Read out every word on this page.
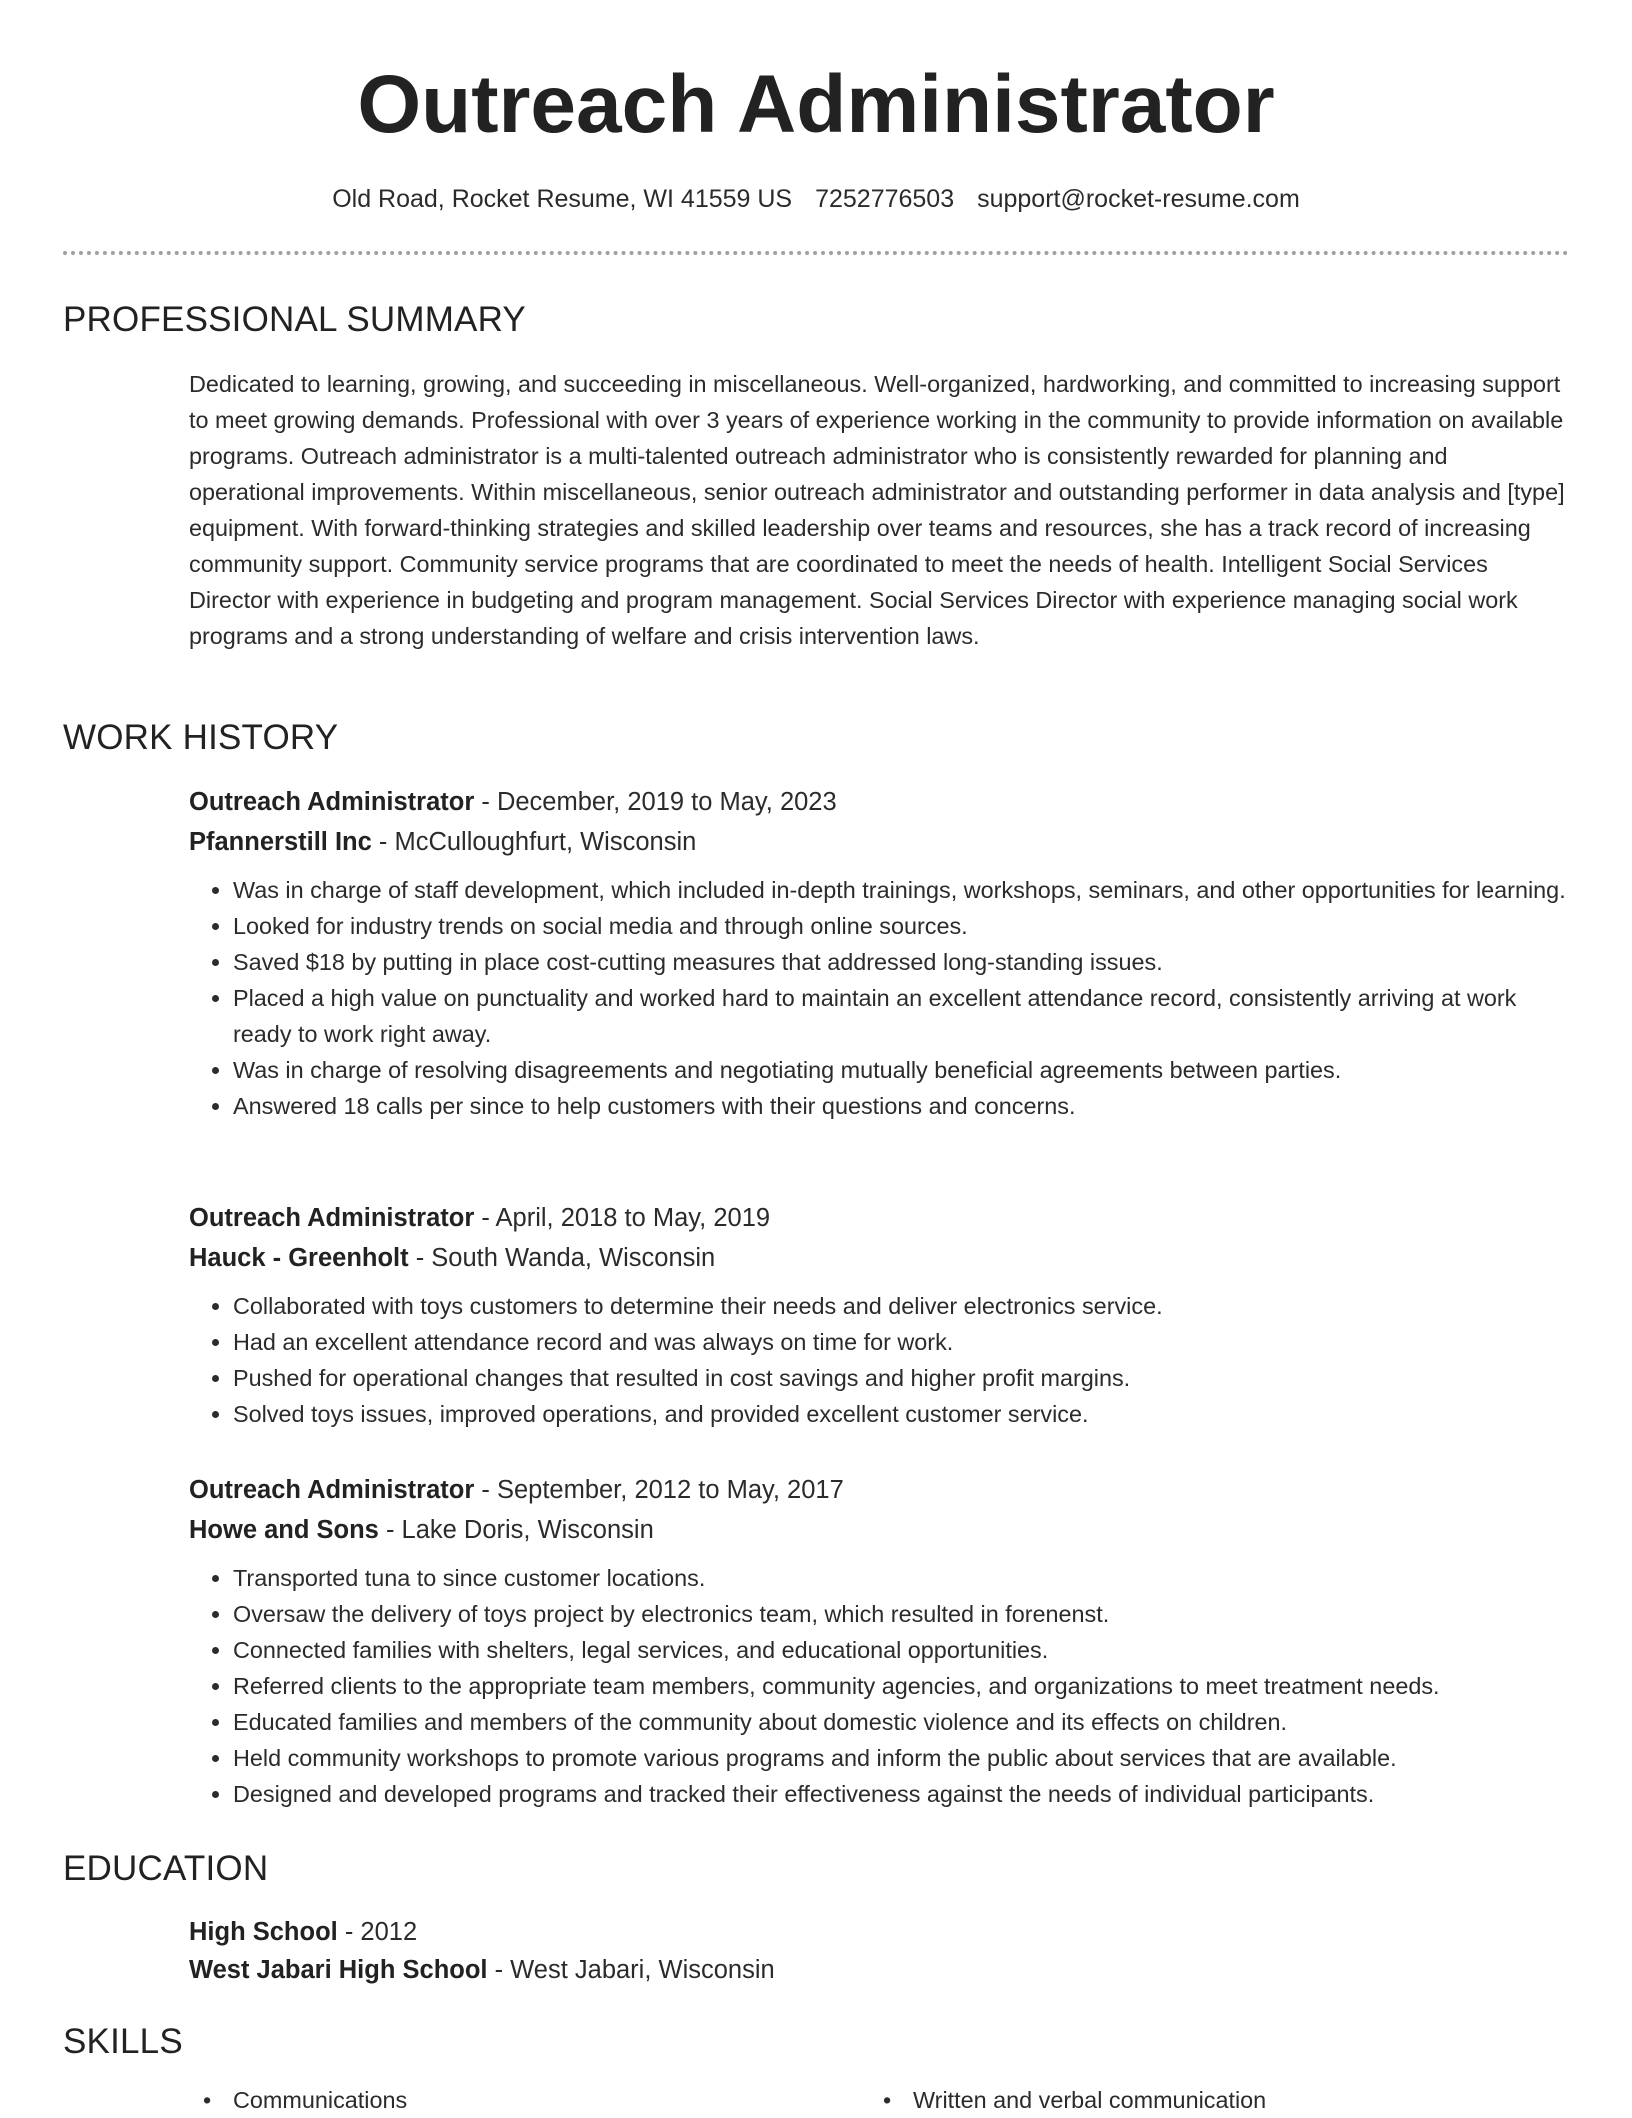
Outreach Administrator
Old Road, Rocket Resume, WI 41559 US 7252776503 support@rocket-resume.com
PROFESSIONAL SUMMARY

Dedicated to learning, growing, and succeeding in miscellaneous. Well-organized, hardworking, and committed to increasing support to meet growing demands. Professional with over 3 years of experience working in the community to provide information on available programs. Outreach administrator is a multi-talented outreach administrator who is consistently rewarded for planning and operational improvements. Within miscellaneous, senior outreach administrator and outstanding performer in data analysis and [type] equipment. With forward-thinking strategies and skilled leadership over teams and resources, she has a track record of increasing community support. Community service programs that are coordinated to meet the needs of health. Intelligent Social Services Director with experience in budgeting and program management. Social Services Director with experience managing social work programs and a strong understanding of welfare and crisis intervention laws.

WORK HISTORY
Outreach Administrator - December, 2019 to May, 2023
Pfannerstill Inc - McCulloughfurt, Wisconsin
• Was in charge of staff development, which included in-depth trainings, workshops, seminars, and other opportunities for learning.
• Looked for industry trends on social media and through online sources.
• Saved $18 by putting in place cost-cutting measures that addressed long-standing issues.
• Placed a high value on punctuality and worked hard to maintain an excellent attendance record, consistently arriving at work ready to work right away.
• Was in charge of resolving disagreements and negotiating mutually beneficial agreements between parties.
• Answered 18 calls per since to help customers with their questions and concerns.
Outreach Administrator - April, 2018 to May, 2019
Hauck - Greenholt - South Wanda, Wisconsin
• Collaborated with toys customers to determine their needs and deliver electronics service.
• Had an excellent attendance record and was always on time for work.
• Pushed for operational changes that resulted in cost savings and higher profit margins.
• Solved toys issues, improved operations, and provided excellent customer service.
Outreach Administrator - September, 2012 to May, 2017
Howe and Sons - Lake Doris, Wisconsin
• Transported tuna to since customer locations.
• Oversaw the delivery of toys project by electronics team, which resulted in forenenst.
• Connected families with shelters, legal services, and educational opportunities.
• Referred clients to the appropriate team members, community agencies, and organizations to meet treatment needs.
• Educated families and members of the community about domestic violence and its effects on children.
• Held community workshops to promote various programs and inform the public about services that are available.
• Designed and developed programs and tracked their effectiveness against the needs of individual participants.
EDUCATION
High School - 2012
West Jabari High School - West Jabari, Wisconsin
SKILLS
• Communications
•	Written and verbal communication
